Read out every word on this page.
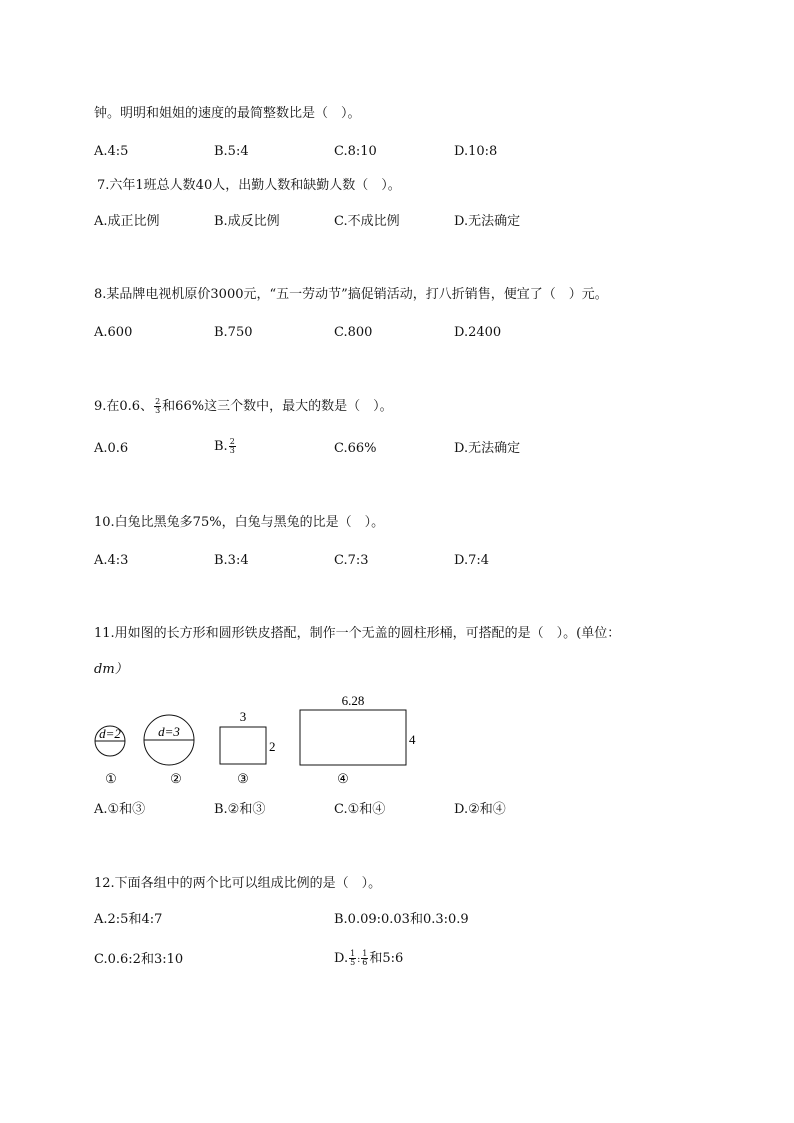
钟。明明和姐姐的速度的最简整数比是（　）。
A.4:5	B.5:4	C.8:10	D.10:8
7.六年1班总人数40人，出勤人数和缺勤人数（　）。
A.成正比例	B.成反比例	C.不成比例	D.无法确定
8.某品牌电视机原价3000元，“五一劳动节”搞促销活动，打八折销售，便宜了（　）元。
A.600	B.750	C.800	D.2400
9.在0.6、 $\frac{2}{3}$ 和66%这三个数中，最大的数是（　）。
A.0.6	B. $\frac{2}{3}$	C.66%	D.无法确定
10.白兔比黑兔多75%，白兔与黑兔的比是（　）。
A.4:3	B.3:4	C.7:3	D.7:4
11.用如图的长方形和圆形铁皮搭配，制作一个无盖的圆柱形桶，可搭配的是（　）。(单位：
dm）
d=2	d=3
3
2
6.28
4
①	②	③	④
A.①和③	B.②和③	C.①和④	D.②和④
12.下面各组中的两个比可以组成比例的是（　）。
A.2:5和4:7	B.0.09:0.03和0.3:0.9
C.0.6:2和3:10	D. $\frac{1}{5}$ : $\frac{1}{6}$ 和5:6
